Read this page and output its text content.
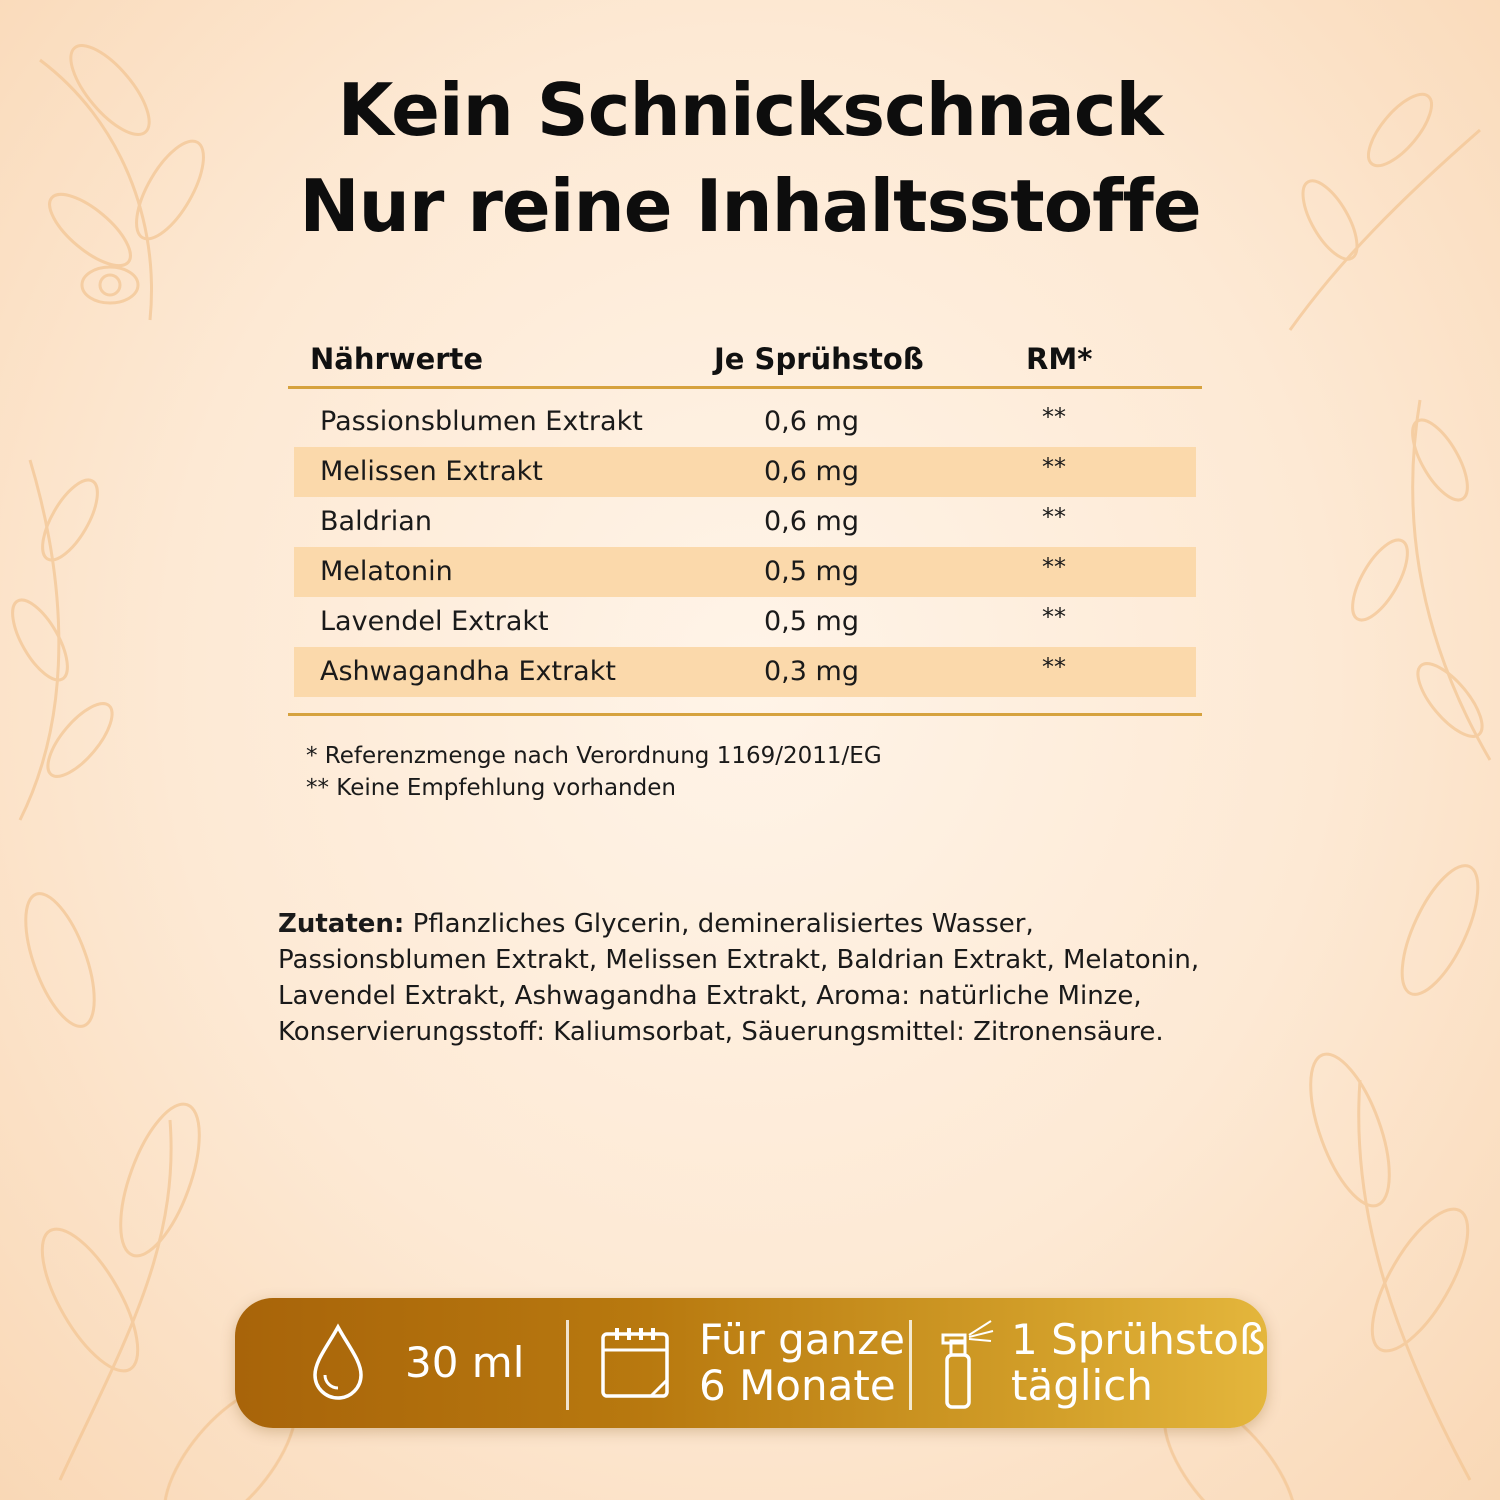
Kein Schnickschnack
Nur reine Inhaltsstoffe
Nährwerte	Je Sprühstoß	RM*
Passionsblumen Extrakt	0,6 mg	**
Melissen Extrakt	0,6 mg	**
Baldrian	0,6 mg	**
Melatonin	0,5 mg	**
Lavendel Extrakt	0,5 mg	**
Ashwagandha Extrakt	0,3 mg	**
* Referenzmenge nach Verordnung 1169/2011/EG
** Keine Empfehlung vorhanden
Zutaten: Pflanzliches Glycerin, demineralisiertes Wasser, Passionsblumen Extrakt, Melissen Extrakt, Baldrian Extrakt, Melatonin, Lavendel Extrakt, Ashwagandha Extrakt, Aroma: natürliche Minze, Konservierungsstoff: Kaliumsorbat, Säuerungsmittel: Zitronensäure.
30 ml	Für ganze
6 Monate
1 Sprühstoß
täglich
